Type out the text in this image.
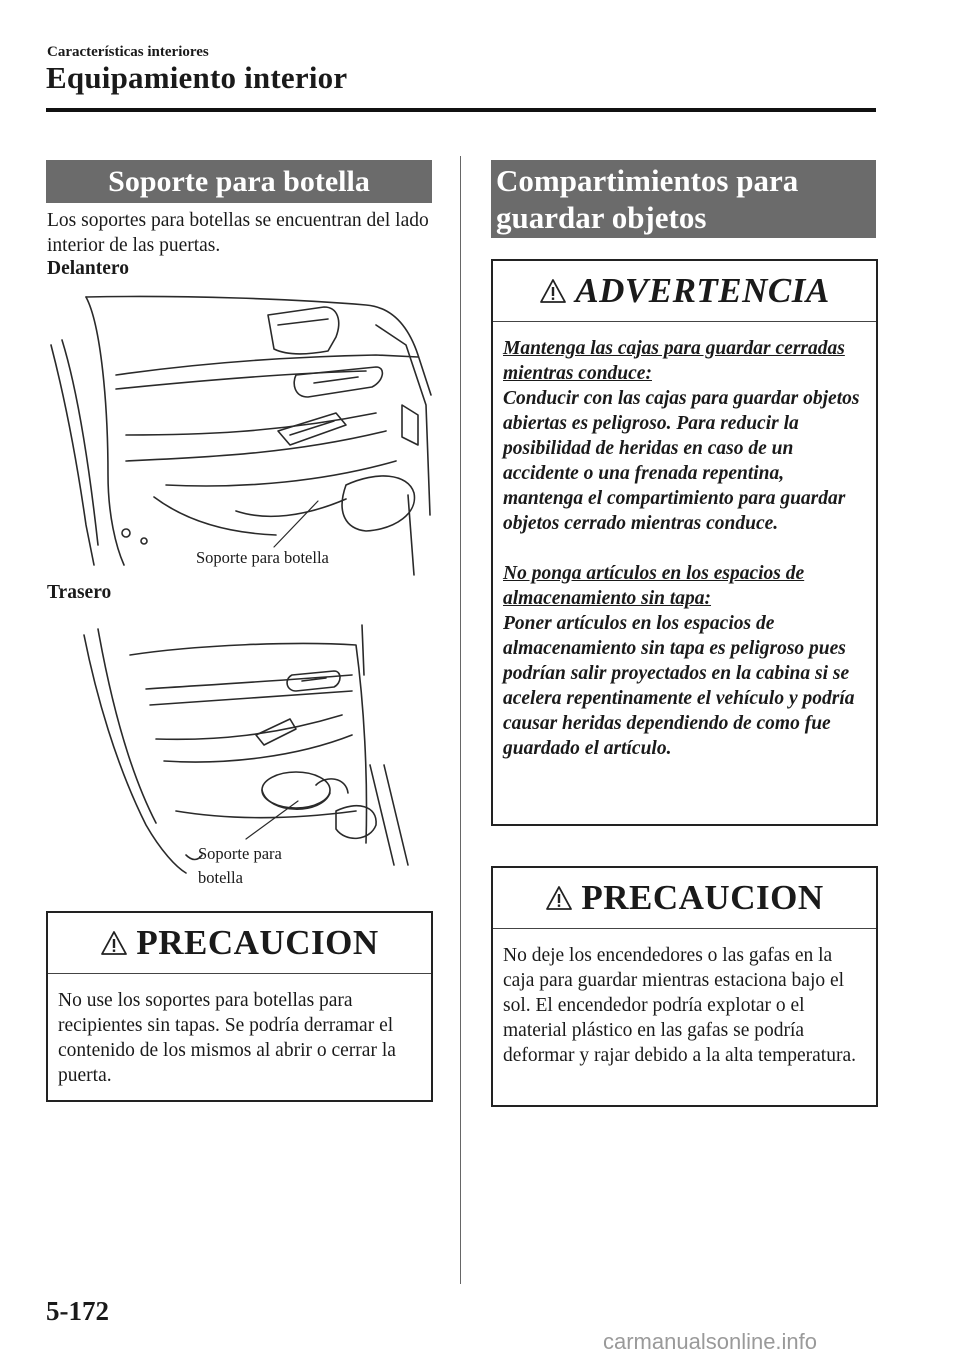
Características interiores
Equipamiento interior
Soporte para botella
Los soportes para botellas se encuentran del lado interior de las puertas.
Delantero
Soporte para botella
Trasero
Soporte para
botella
PRECAUCION
No use los soportes para botellas para recipientes sin tapas. Se podría derramar el contenido de los mismos al abrir o cerrar la puerta.
Compartimientos para
guardar objetos
ADVERTENCIA

Mantenga las cajas para guardar cerradas mientras conduce:

Conducir con las cajas para guardar objetos abiertas es peligroso. Para reducir la posibilidad de heridas en caso de un accidente o una frenada repentina, mantenga el compartimiento para guardar objetos cerrado mientras conduce.

No ponga artículos en los espacios de almacenamiento sin tapa:

Poner artículos en los espacios de almacenamiento sin tapa es peligroso pues podrían salir proyectados en la cabina si se acelera repentinamente el vehículo y podría causar heridas dependiendo de como fue guardado el artículo.

PRECAUCION
No deje los encendedores o las gafas en la caja para guardar mientras estaciona bajo el sol. El encendedor podría explotar o el material plástico en las gafas se podría deformar y rajar debido a la alta temperatura.
5-172
carmanualsonline.info
